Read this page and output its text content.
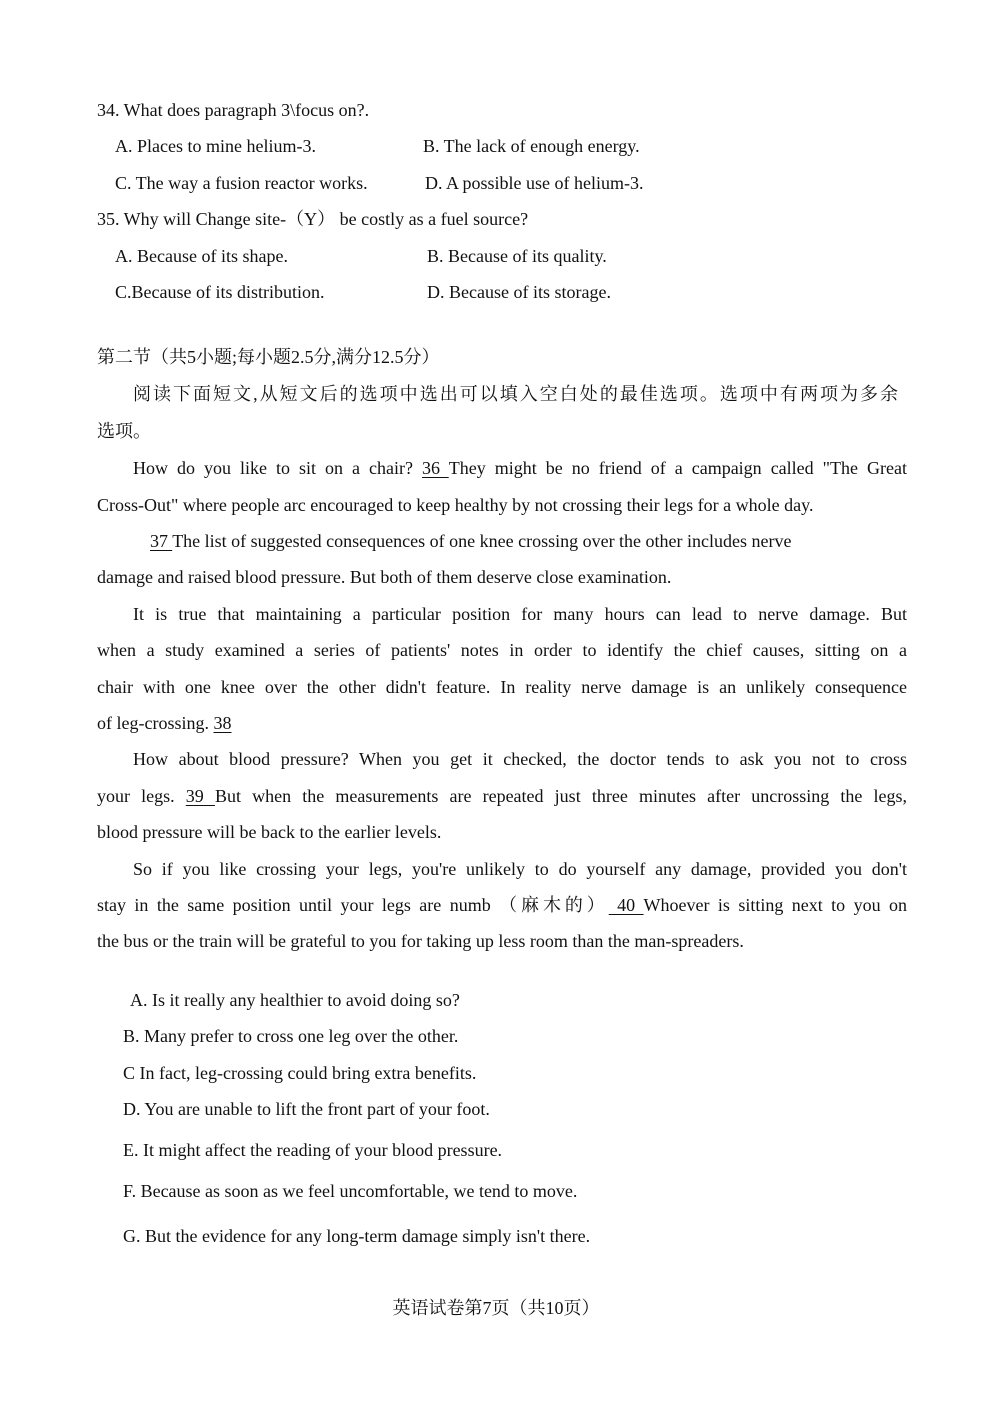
34. What does paragraph 3\focus on?.
A. Places to mine helium-3.	B. The lack of enough energy.
C. The way a fusion reactor works.	D. A possible use of helium-3.
35. Why will Change site-（Y） be costly as a fuel source?
A. Because of its shape.	B. Because of its quality.
C.Because of its distribution.	D. Because of its storage.
第二节（共5小题;每小题2.5分,满分12.5分）
阅读下面短文,从短文后的选项中选出可以填入空白处的最佳选项。选项中有两项为多余
选项。
How do you like to sit on a chair? 36 They might be no friend of a campaign called "The Great
Cross-Out" where people arc encouraged to keep healthy by not crossing their legs for a whole day.
37 The list of suggested consequences of one knee crossing over the other includes nerve
damage and raised blood pressure. But both of them deserve close examination.
It is true that maintaining a particular position for many hours can lead to nerve damage. But
when a study examined a series of patients' notes in order to identify the chief causes, sitting on a
chair with one knee over the other didn't feature. In reality nerve damage is an unlikely consequence
of leg-crossing. 38
How about blood pressure? When you get it checked, the doctor tends to ask you not to cross
your legs. 39 But when the measurements are repeated just three minutes after uncrossing the legs,
blood pressure will be back to the earlier levels.
So if you like crossing your legs, you're unlikely to do yourself any damage, provided you don't
stay in the same position until your legs are numb （麻木的） 40 Whoever is sitting next to you on
the bus or the train will be grateful to you for taking up less room than the man-spreaders.
A. Is it really any healthier to avoid doing so?
B. Many prefer to cross one leg over the other.
C In fact, leg-crossing could bring extra benefits.
D. You are unable to lift the front part of your foot.
E. It might affect the reading of your blood pressure.
F. Because as soon as we feel uncomfortable, we tend to move.
G. But the evidence for any long-term damage simply isn't there.
英语试卷第7页（共10页）
